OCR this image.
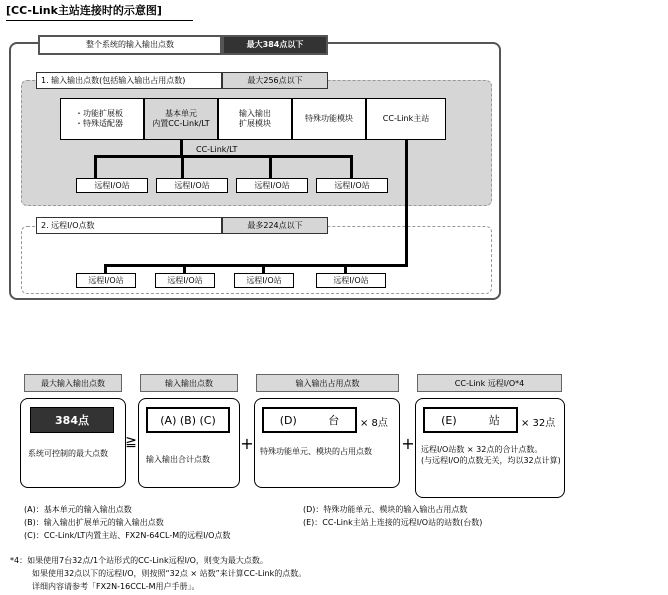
[CC-Link主站连接时的示意图]
整个系统的输入输出点数	最大384点以下
1. 输入输出点数(包括输入输出占用点数)	最大256点以下
・功能扩展板
・特殊适配器
基本单元
内置CC-Link/LT
输入输出
扩展模块
特殊功能模块	CC-Link主站
CC-Link/LT
远程I/O站	远程I/O站	远程I/O站	远程I/O站
2. 远程I/O点数	最多224点以下
远程I/O站	远程I/O站	远程I/O站	远程I/O站
最大输入输出点数	输入输出点数	输入输出占用点数	CC-Link 远程I/O*4
384点
系统可控制的最大点数
≧
(A) (B) (C)
输入输出合计点数
+
(D)	台 × 8点
特殊功能单元、模块的占用点数	+
(E)	站 × 32点
远程I/O站数 × 32点的合计点数。
(与远程I/O的点数无关，均以32点计算)
(A)：基本单元的输入输出点数
(B)：输入输出扩展单元的输入输出点数
(C)：CC-Link/LT内置主站、FX2N-64CL-M的远程I/O点数
(D)：特殊功能单元、模块的输入输出占用点数
(E)：CC-Link主站上连接的远程I/O站的站数(台数)
*4：如果使用7台32点/1个站形式的CC-Link远程I/O，则变为最大点数。
如果使用32点以下的远程I/O，则按照“32点 × 站数”来计算CC-Link的点数。
详细内容请参考「FX2N-16CCL-M用户手册」。
